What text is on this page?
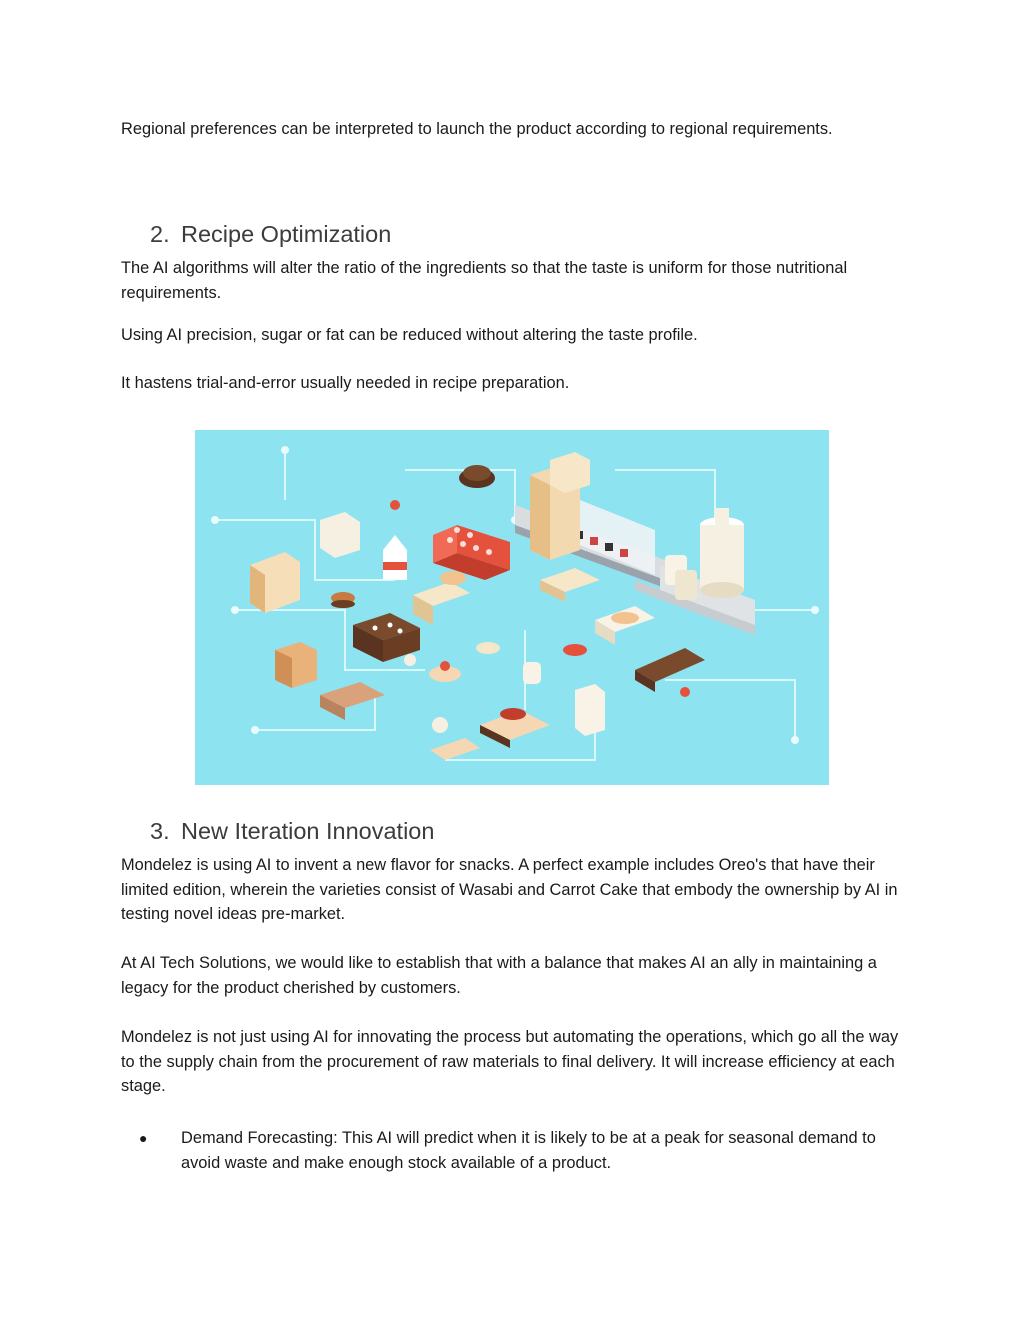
Regional preferences can be interpreted to launch the product according to regional requirements.

2. Recipe Optimization

The AI algorithms will alter the ratio of the ingredients so that the taste is uniform for those nutritional requirements.

Using AI precision, sugar or fat can be reduced without altering the taste profile.

It hastens trial-and-error usually needed in recipe preparation.

3. New Iteration Innovation

Mondelez is using AI to invent a new flavor for snacks. A perfect example includes Oreo's that have their limited edition, wherein the varieties consist of Wasabi and Carrot Cake that embody the ownership by AI in testing novel ideas pre-market.

At AI Tech Solutions, we would like to establish that with a balance that makes AI an ally in maintaining a legacy for the product cherished by customers.

Mondelez is not just using AI for innovating the process but automating the operations, which go all the way to the supply chain from the procurement of raw materials to final delivery. It will increase efficiency at each stage.

● Demand Forecasting: This AI will predict when it is likely to be at a peak for seasonal demand to avoid waste and make enough stock available of a product.
